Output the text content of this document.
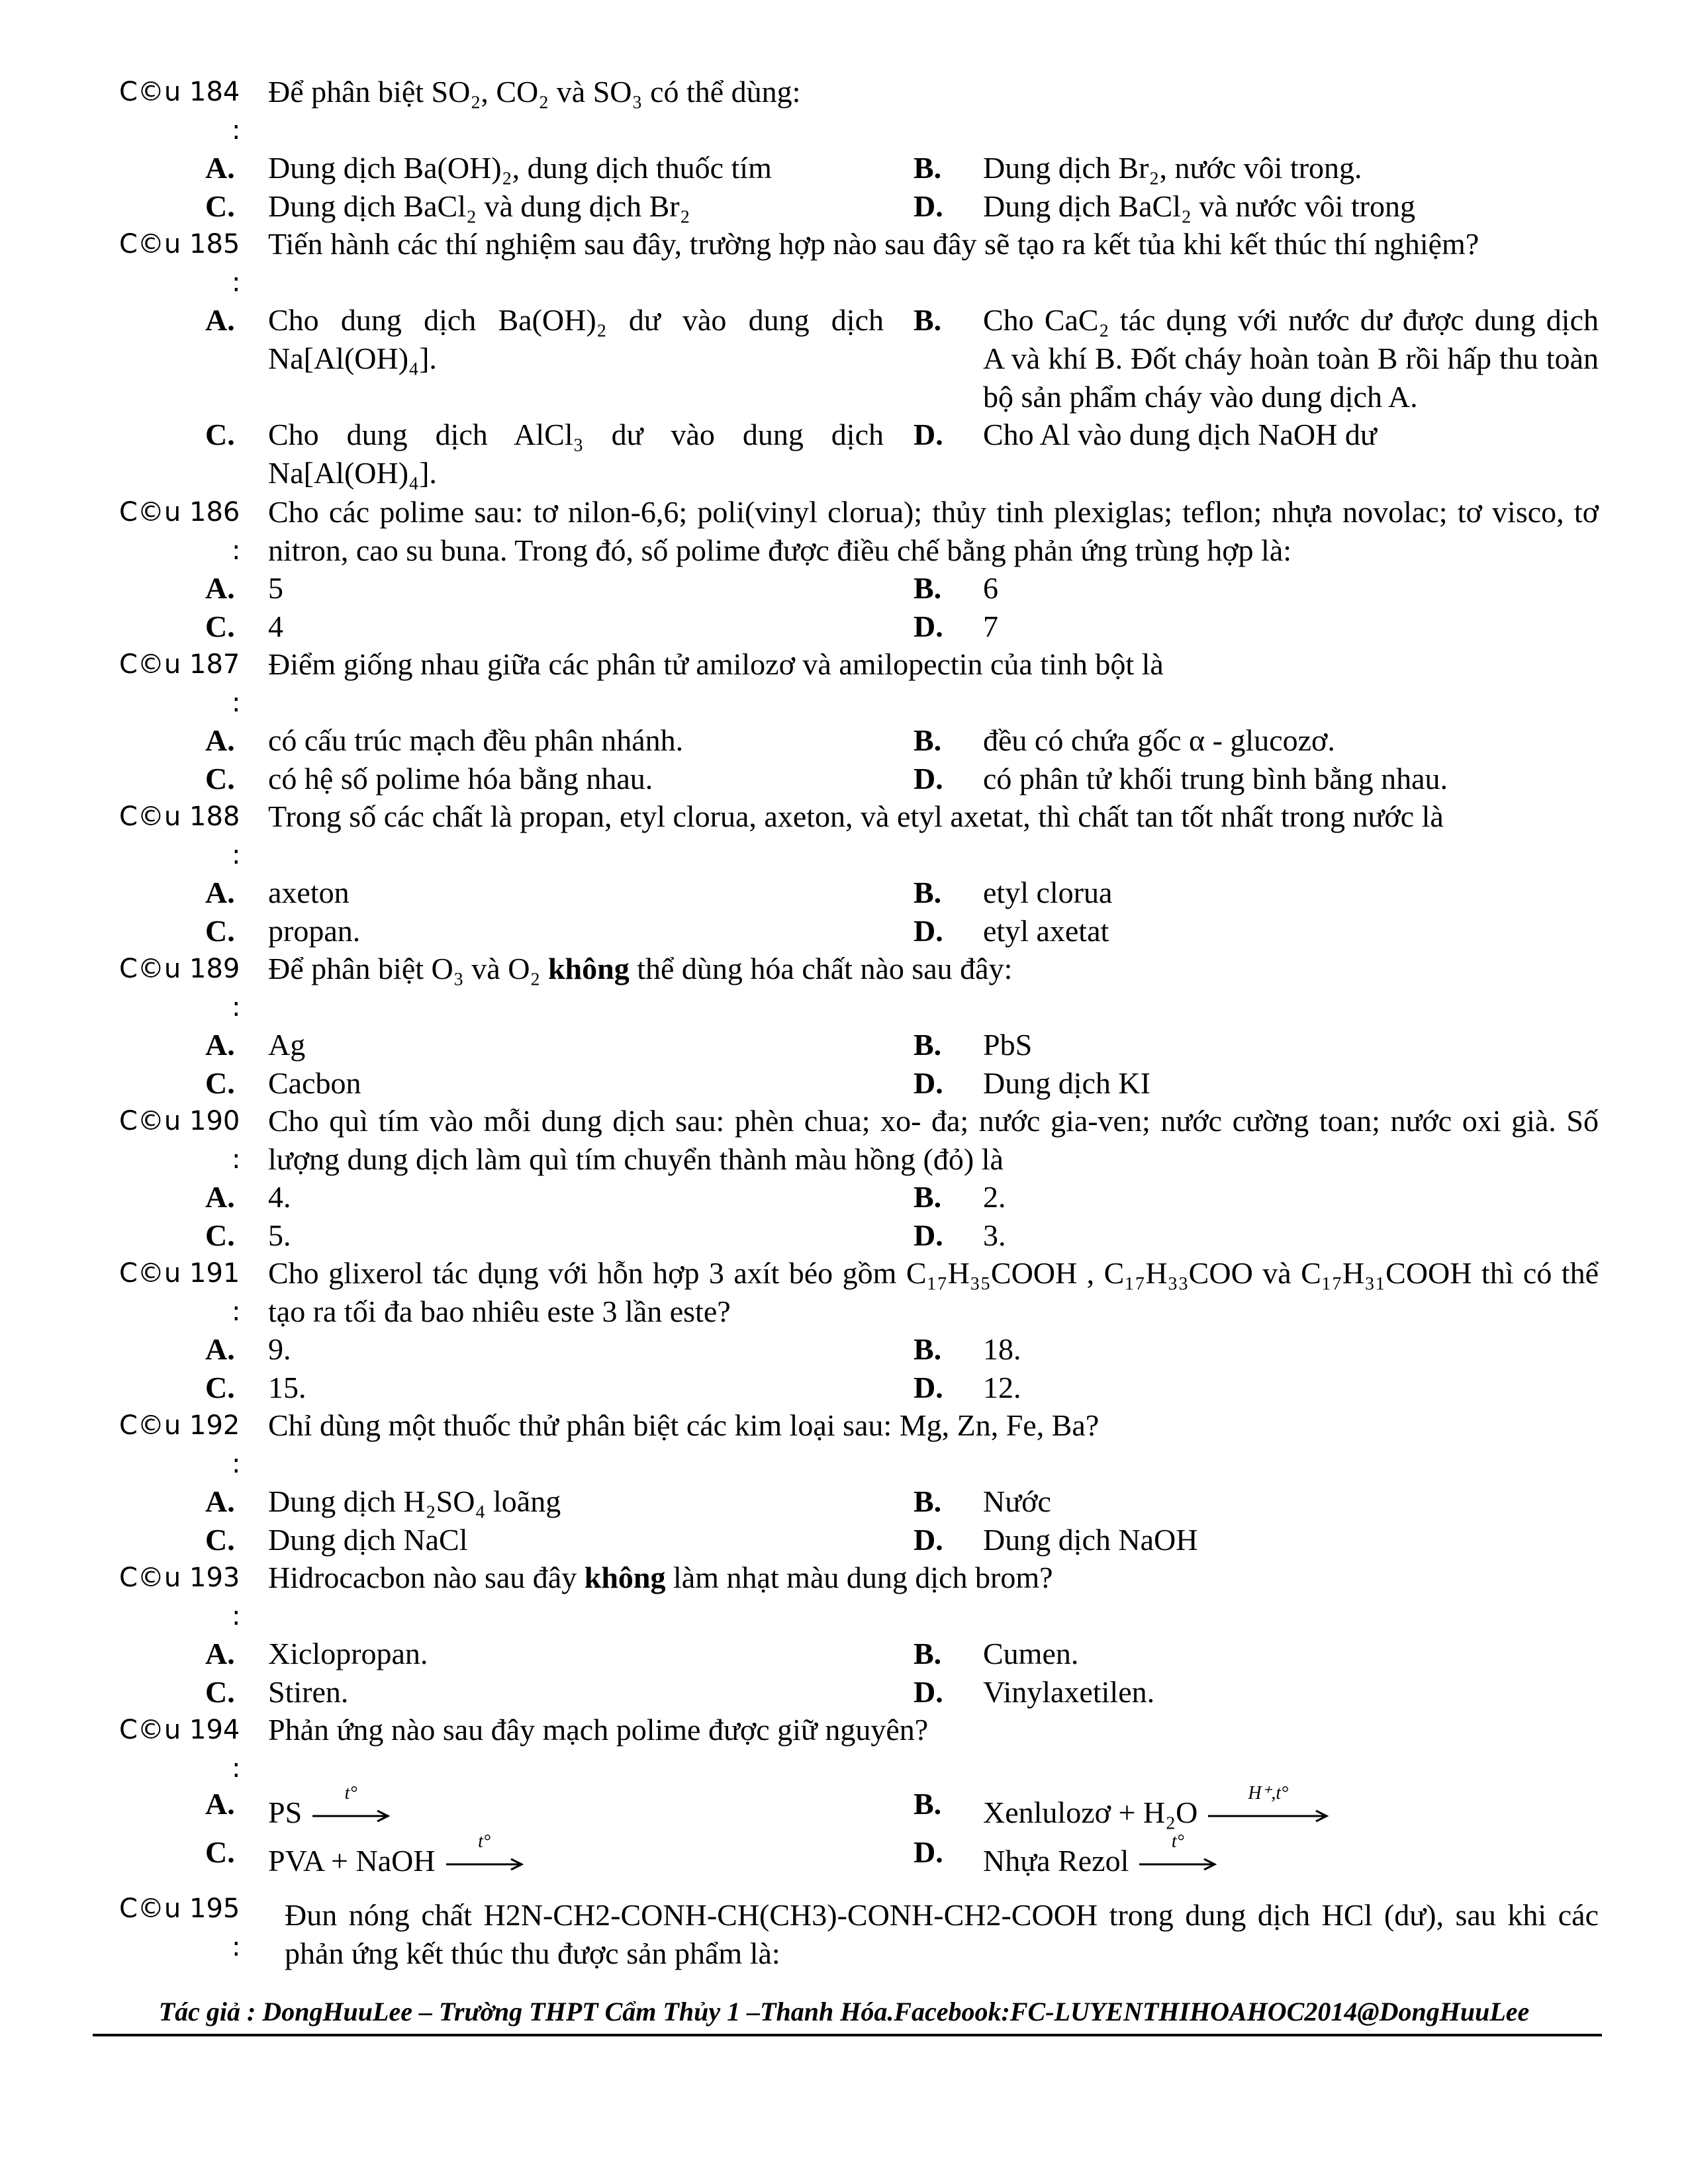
C©u 184
:
Để phân biệt SO₂, CO₂ và SO₃ có thể dùng:
A. Dung dịch Ba(OH)₂, dung dịch thuốc tím	B. Dung dịch Br₂, nước vôi trong.
C. Dung dịch BaCl₂ và dung dịch Br₂	D. Dung dịch BaCl₂ và nước vôi trong
C©u 185
:
Tiến hành các thí nghiệm sau đây, trường hợp nào sau đây sẽ tạo ra kết tủa khi kết thúc thí nghiệm?
A. Cho dung dịch Ba(OH)₂ dư vào dung dịch Na[Al(OH)₄].
B. Cho CaC₂ tác dụng với nước dư được dung dịch A và khí B. Đốt cháy hoàn toàn B rồi hấp thu toàn bộ sản phẩm cháy vào dung dịch A.
C. Cho dung dịch AlCl₃ dư vào dung dịch Na[Al(OH)₄].
D. Cho Al vào dung dịch NaOH dư
C©u 186
:
Cho các polime sau: tơ nilon-6,6; poli(vinyl clorua); thủy tinh plexiglas; teflon; nhựa novolac; tơ visco, tơ nitron, cao su buna. Trong đó, số polime được điều chế bằng phản ứng trùng hợp là:
A. 5	B. 6
C. 4	D. 7
C©u 187
:
Điểm giống nhau giữa các phân tử amilozơ và amilopectin của tinh bột là
A. có cấu trúc mạch đều phân nhánh.	B. đều có chứa gốc α - glucozơ.
C. có hệ số polime hóa bằng nhau.	D. có phân tử khối trung bình bằng nhau.
C©u 188
:
Trong số các chất là propan, etyl clorua, axeton, và etyl axetat, thì chất tan tốt nhất trong nước là
A. axeton	B. etyl clorua
C. propan.	D. etyl axetat
C©u 189
:
Để phân biệt O₃ và O₂ không thể dùng hóa chất nào sau đây:
A. Ag	B. PbS
C. Cacbon	D. Dung dịch KI
C©u 190
:
Cho quì tím vào mỗi dung dịch sau: phèn chua; xo- đa; nước gia-ven; nước cường toan; nước oxi già. Số lượng dung dịch làm quì tím chuyển thành màu hồng (đỏ) là
A. 4.	B. 2.
C. 5.	D. 3.
C©u 191
:
Cho glixerol tác dụng với hỗn hợp 3 axít béo gồm C₁₇H₃₅COOH , C₁₇H₃₃COO và C₁₇H₃₁COOH thì có thể tạo ra tối đa bao nhiêu este 3 lần este?
A. 9.	B. 18.
C. 15.	D. 12.
C©u 192
:
Chỉ dùng một thuốc thử phân biệt các kim loại sau: Mg, Zn, Fe, Ba?
A. Dung dịch H₂SO₄ loãng	B. Nước
C. Dung dịch NaCl	D. Dung dịch NaOH
C©u 193
:
Hidrocacbon nào sau đây không làm nhạt màu dung dịch brom?
A. Xiclopropan.	B. Cumen.
C. Stiren.	D. Vinylaxetilen.
C©u 194
:
Phản ứng nào sau đây mạch polime được giữ nguyên?
A. PS
t°	B. Xenlulozơ + H₂O
H⁺,t°
C. PVA + NaOH
t°	D. Nhựa Rezol
t°
C©u 195
:
Đun nóng chất H2N-CH2-CONH-CH(CH3)-CONH-CH2-COOH trong dung dịch HCl (dư), sau khi các phản ứng kết thúc thu được sản phẩm là:
Tác giả : DongHuuLee – Trường THPT Cẩm Thủy 1 –Thanh Hóa.Facebook:FC-LUYENTHIHOAHOC2014@DongHuuLee
